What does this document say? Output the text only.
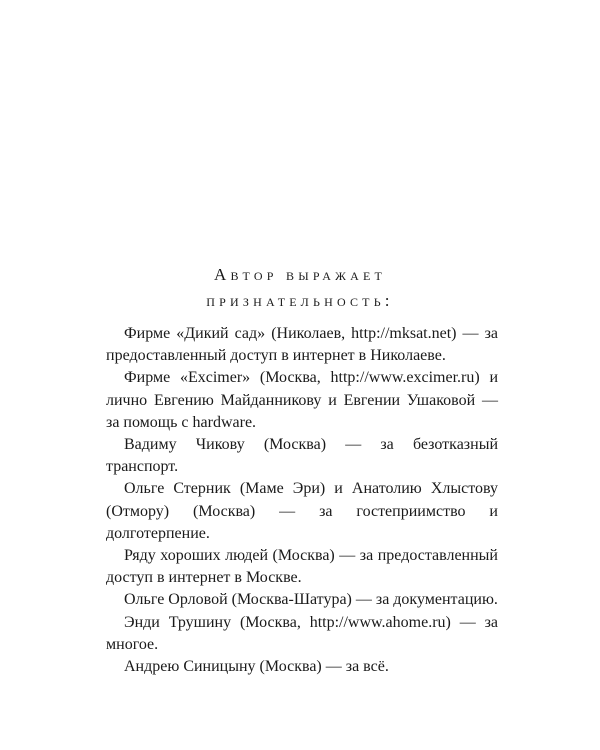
Автор выражает
признательность:

Фирме «Дикий сад» (Николаев, http://mksat.net) — за предоставленный доступ в интернет в Николаеве.

Фирме «Excimer» (Москва, http://www.excimer.ru) и лично Евгению Майданникову и Евгении Ушаковой — за помощь с hardware.

Вадиму Чикову (Москва) — за безотказный транспорт.

Ольге Стерник (Маме Эри) и Анатолию Хлыстову (Отмору) (Москва) — за гостеприимство и долготерпение.

Ряду хороших людей (Москва) — за предоставленный доступ в интернет в Москве.

Ольге Орловой (Москва-Шатура) — за документацию.

Энди Трушину (Москва, http://www.ahome.ru) — за многое.

Андрею Синицыну (Москва) — за всё.
